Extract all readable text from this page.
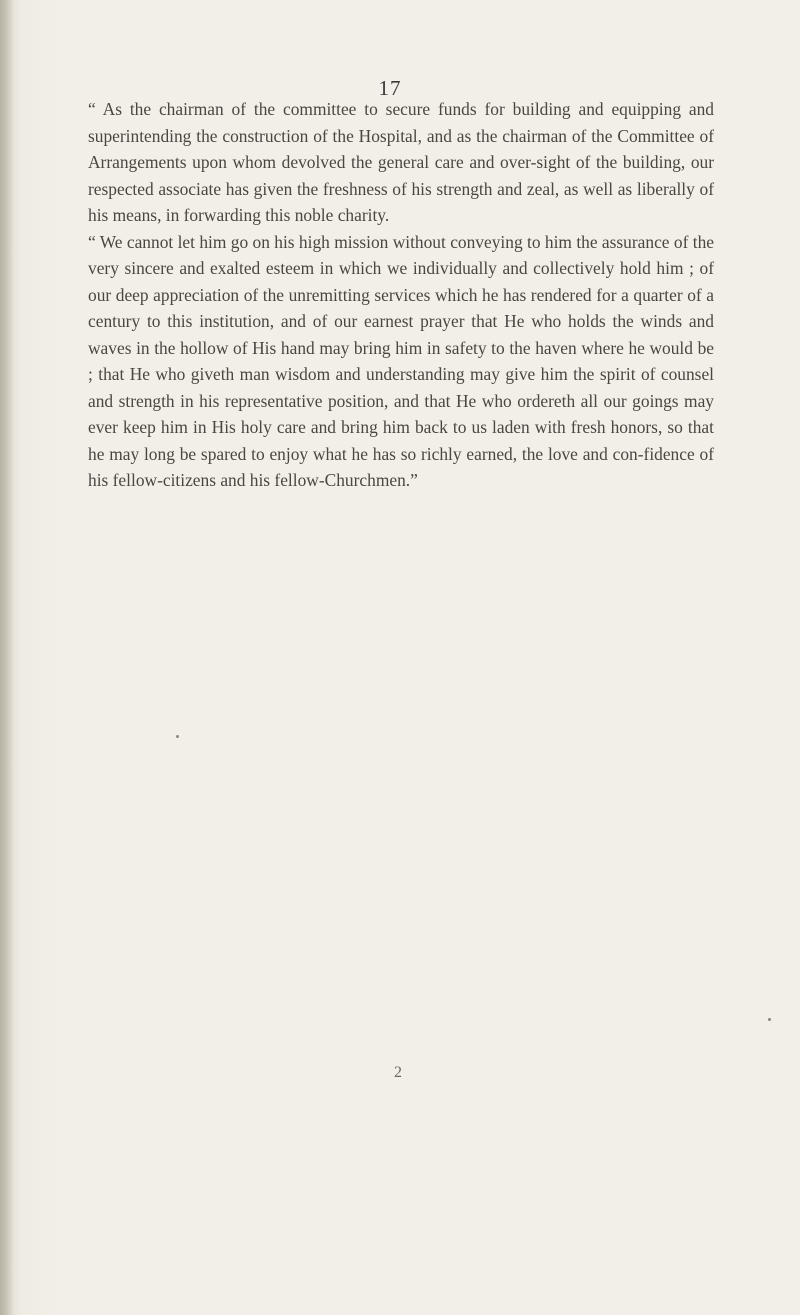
17

“ As the chairman of the committee to secure funds for building and equipping and superintending the construction of the Hospital, and as the chairman of the Committee of Arrangements upon whom devolved the general care and over-sight of the building, our respected associate has given the freshness of his strength and zeal, as well as liberally of his means, in forwarding this noble charity.

“ We cannot let him go on his high mission without conveying to him the assurance of the very sincere and exalted esteem in which we individually and collectively hold him ; of our deep appreciation of the unremitting services which he has rendered for a quarter of a century to this institution, and of our earnest prayer that He who holds the winds and waves in the hollow of His hand may bring him in safety to the haven where he would be ; that He who giveth man wisdom and understanding may give him the spirit of counsel and strength in his representative position, and that He who ordereth all our goings may ever keep him in His holy care and bring him back to us laden with fresh honors, so that he may long be spared to enjoy what he has so richly earned, the love and con-fidence of his fellow-citizens and his fellow-Churchmen.”

2
